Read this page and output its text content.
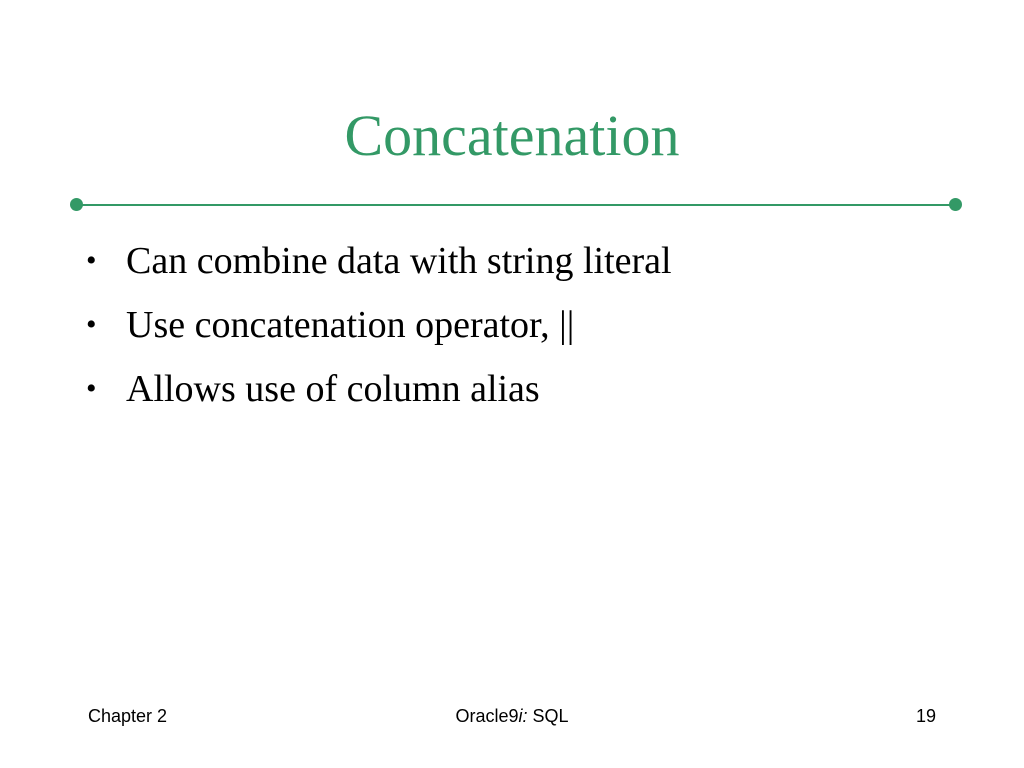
Concatenation
• Can combine data with string literal
• Use concatenation operator, ||
• Allows use of column alias
Chapter 2	Oracle9i: SQL	19
